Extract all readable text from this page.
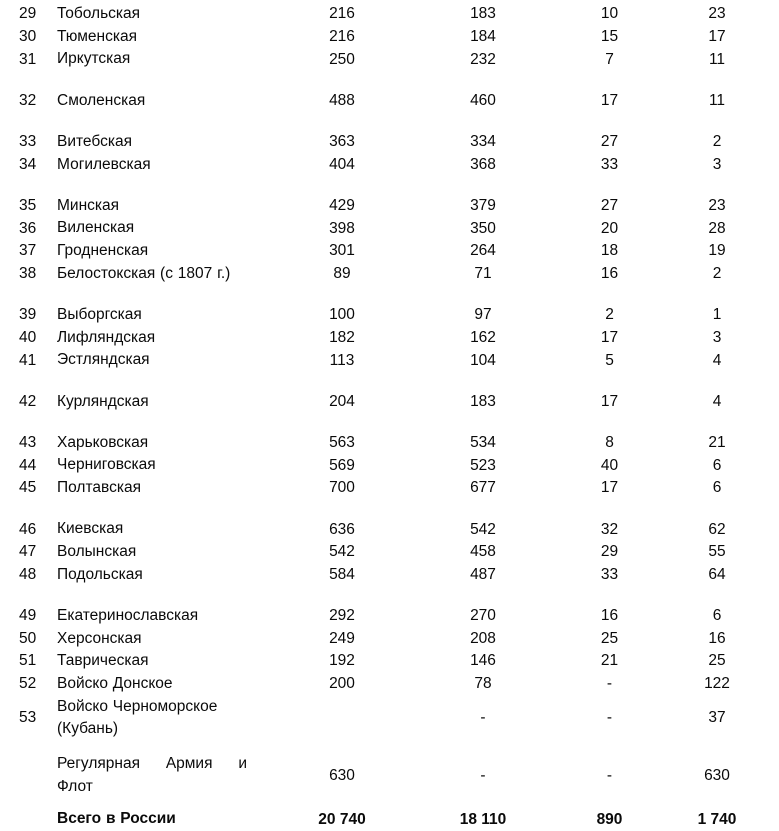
29	Тобольская	216	183	10	23
30	Тюменская	216	184	15	17
31	Иркутская	250	232	7	11

32	Смоленская	488	460	17	11

33	Витебская	363	334	27	2
34	Могилевская	404	368	33	3

35	Минская	429	379	27	23
36	Виленская	398	350	20	28
37	Гродненская	301	264	18	19
38	Белостокская (с 1807 г.)	89	71	16	2

39	Выборгская	100	97	2	1
40	Лифляндская	182	162	17	3
41	Эстляндская	113	104	5	4

42	Курляндская	204	183	17	4

43	Харьковская	563	534	8	21
44	Черниговская	569	523	40	6
45	Полтавская	700	677	17	6

46	Киевская	636	542	32	62
47	Волынская	542	458	29	55
48	Подольская	584	487	33	64

49	Екатеринославская	292	270	16	6
50	Херсонская	249	208	25	16
51	Таврическая	192	146	21	25
52	Войско Донское	200	78	-	122
53	Войско Черноморское
(Кубань)		-	-	37

	Регулярная Армия и
Флот	630	-	-	630

	Всего в России	20 740	18 110	890	1 740
